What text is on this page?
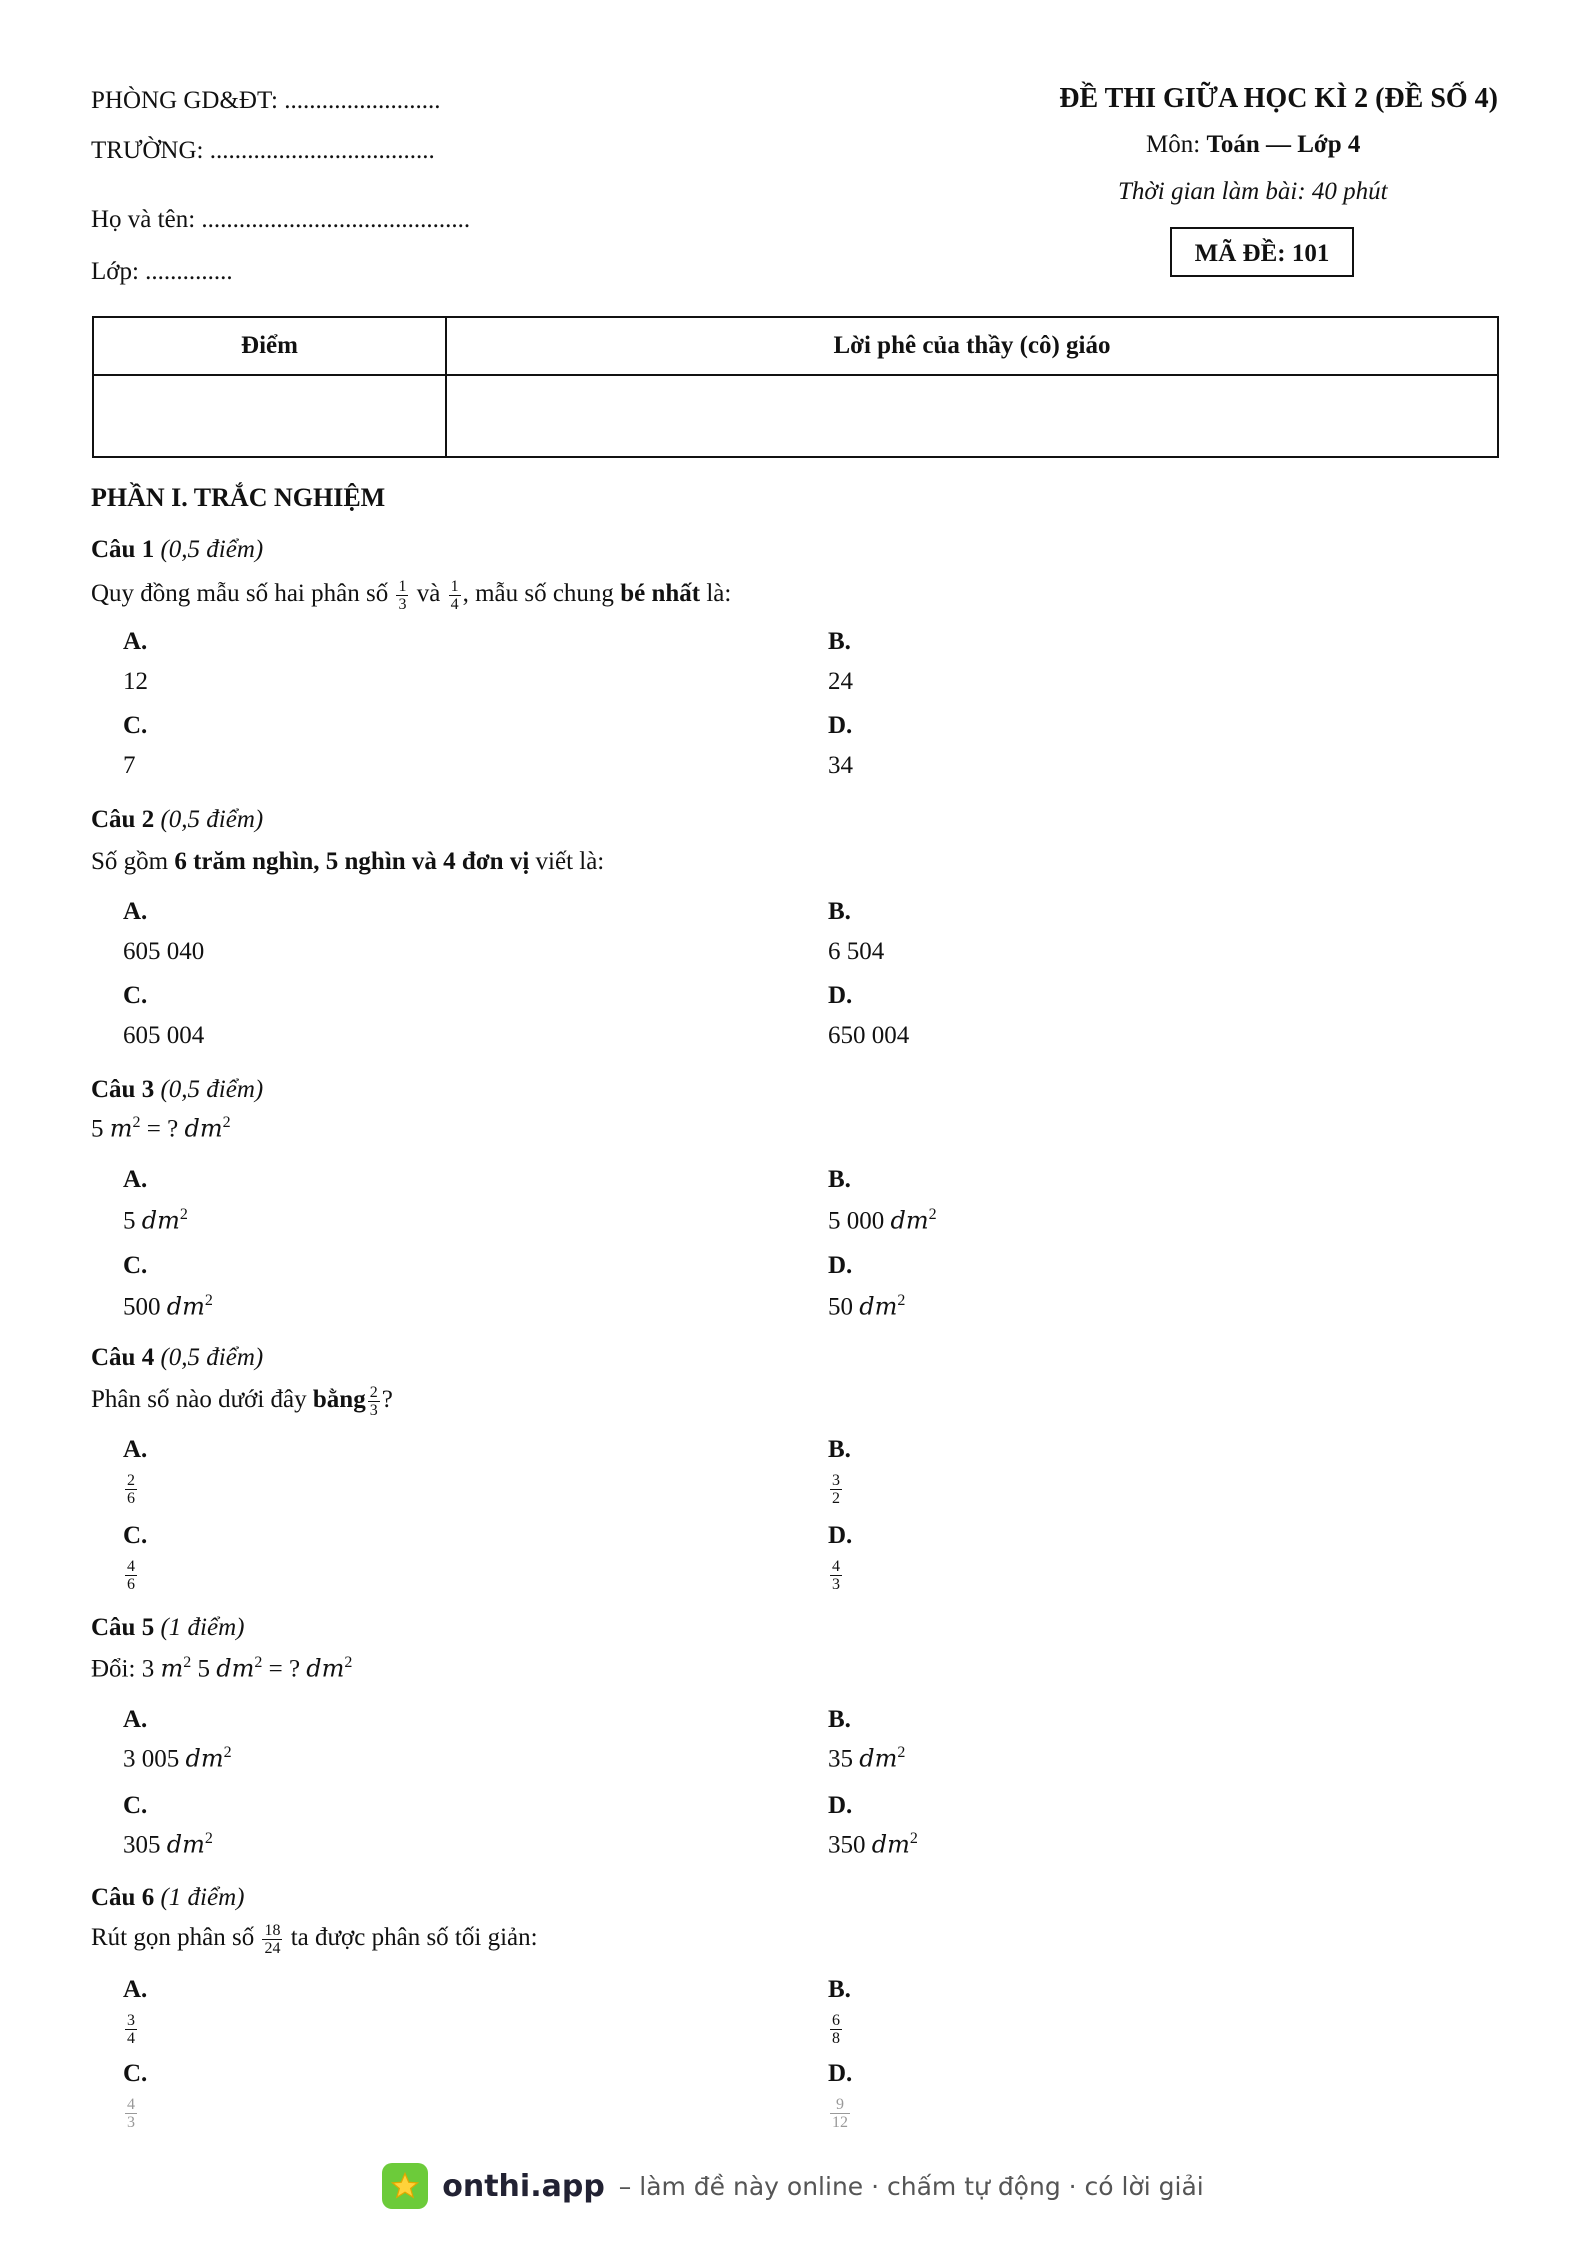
PHÒNG GD&ĐT: .........................
TRƯỜNG: ....................................
Họ và tên: ...........................................
Lớp: ..............
ĐỀ THI GIỮA HỌC KÌ 2 (ĐỀ SỐ 4)
Môn: Toán — Lớp 4
Thời gian làm bài: 40 phút
MÃ ĐỀ: 101
Điểm	Lời phê của thầy (cô) giáo

PHẦN I. TRẮC NGHIỆM
Câu 1 (0,5 điểm)
Quy đồng mẫu số hai phân số $\frac{1}{3}$ và $\frac{1}{4}$ , mẫu số chung bé nhất là:
A.
12
B.
24
C.
7
D.
34
Câu 2 (0,5 điểm)
Số gồm 6 trăm nghìn, 5 nghìn và 4 đơn vị viết là:
A.
605 040
B.
6 504
C.
605 004
D.
650 004
Câu 3 (0,5 điểm)
5 $m^2$ = ? $dm^2$
A.
5 $dm^2$
B.
5 000 $dm^2$
C.
500 $dm^2$
D.
50 $dm^2$
Câu 4 (0,5 điểm)
Phân số nào dưới đây bằng $\frac{2}{3}$ ?
A.
$\frac{2}{6}$
B.
$\frac{3}{2}$
C.
$\frac{4}{6}$
D.
$\frac{4}{3}$
Câu 5 (1 điểm)
Đổi: 3 $m^2$ 5 $dm^2$ = ? $dm^2$
A.
3 005 $dm^2$
B.
35 $dm^2$
C.
305 $dm^2$
D.
350 $dm^2$
Câu 6 (1 điểm)
Rút gọn phân số $\frac{18}{24}$ ta được phân số tối giản:
A.
$\frac{3}{4}$
B.
$\frac{6}{8}$
C.
$\frac{4}{3}$
D.
$\frac{9}{12}$
onthi.app – làm đề này online · chấm tự động · có lời giải
